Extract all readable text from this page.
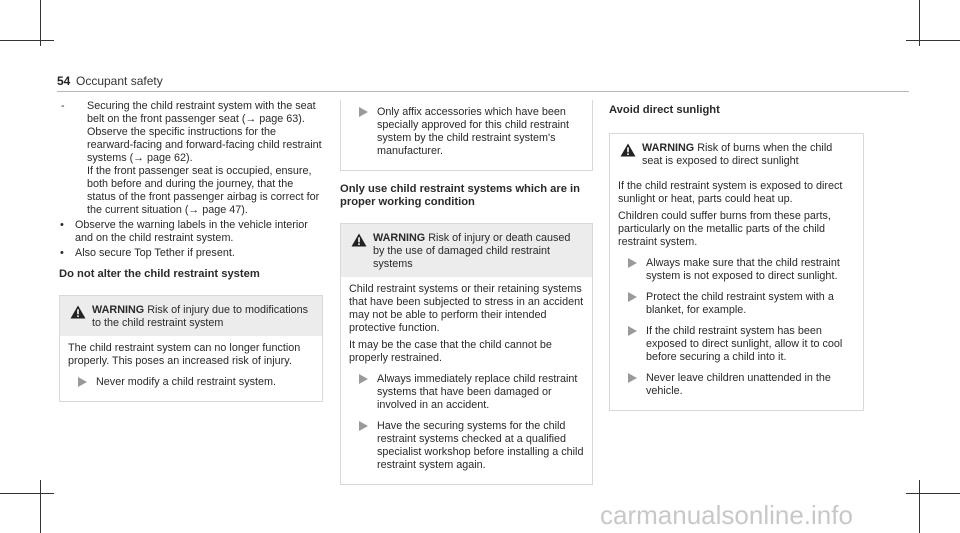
54 Occupant safety

- Securing the child restraint system with the seat belt on the front passenger seat (→ page 63). Observe the specific instructions for the rearward-facing and forward-facing child restraint systems (→ page 62).

If the front passenger seat is occupied, ensure, both before and during the journey, that the status of the front passenger airbag is correct for the current situation (→ page 47).

• Observe the warning labels in the vehicle interior and on the child restraint system.

• Also secure Top Tether if present.

Do not alter the child restraint system

WARNING Risk of injury due to modifications to the child restraint system

The child restraint system can no longer function properly. This poses an increased risk of injury.

Never modify a child restraint system.
Only affix accessories which have been specially approved for this child restraint system by the child restraint system's manufacturer.

Only use child restraint systems which are in proper working condition

WARNING Risk of injury or death caused by the use of damaged child restraint systems

Child restraint systems or their retaining systems that have been subjected to stress in an accident may not be able to perform their intended protective function.

It may be the case that the child cannot be properly restrained.

Always immediately replace child restraint systems that have been damaged or involved in an accident.
Have the securing systems for the child restraint systems checked at a qualified specialist workshop before installing a child restraint system again.

Avoid direct sunlight

WARNING Risk of burns when the child seat is exposed to direct sunlight

If the child restraint system is exposed to direct sunlight or heat, parts could heat up.

Children could suffer burns from these parts, particularly on the metallic parts of the child restraint system.

Always make sure that the child restraint system is not exposed to direct sunlight.
Protect the child restraint system with a blanket, for example.
If the child restraint system has been exposed to direct sunlight, allow it to cool before securing a child into it.
Never leave children unattended in the vehicle.
carmanualsonline.info
